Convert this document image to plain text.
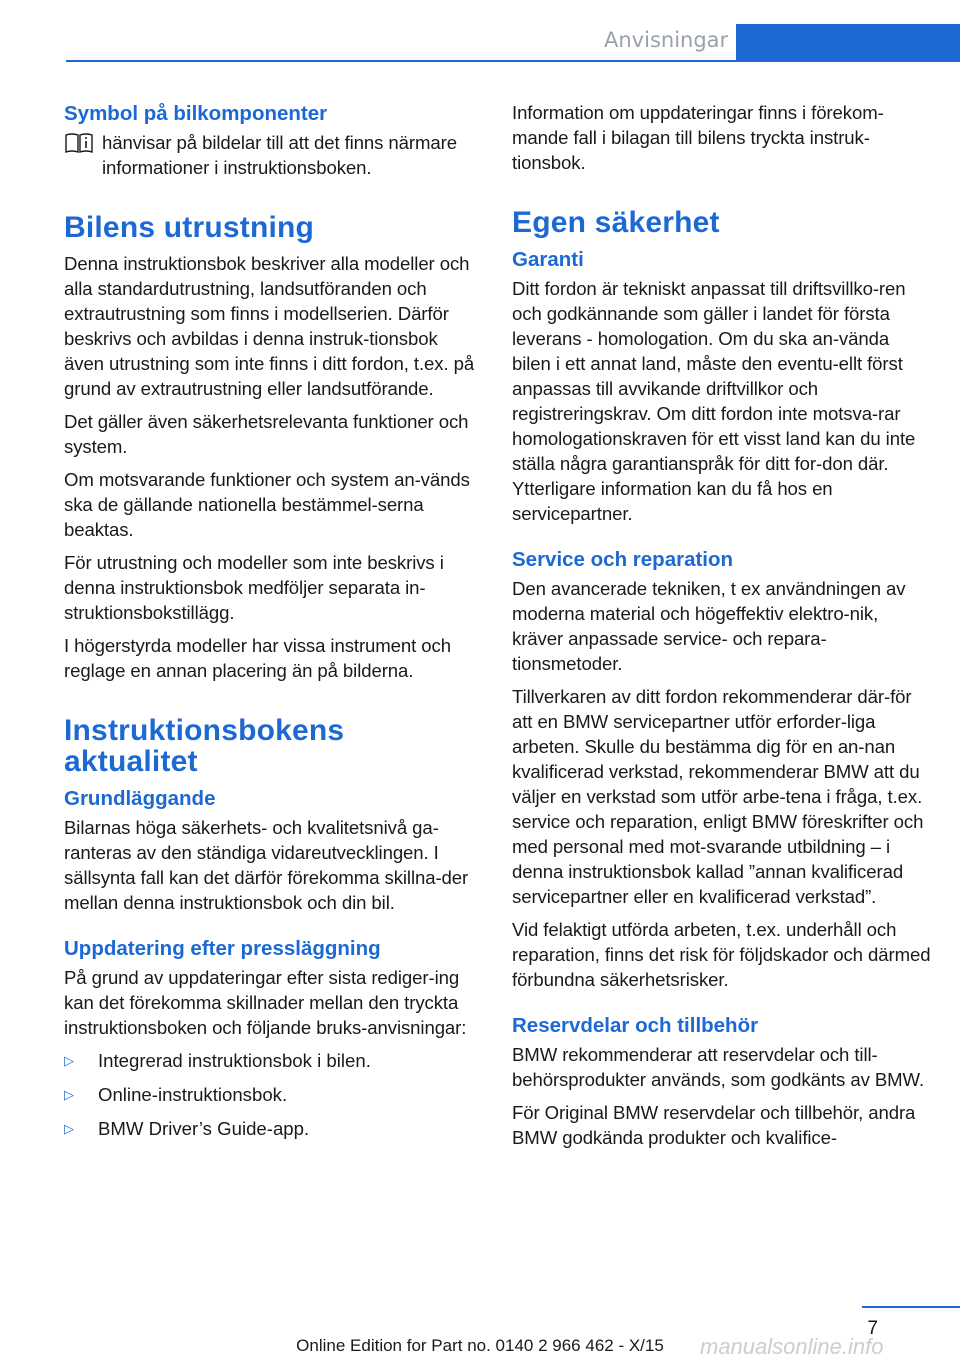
Anvisningar
Symbol på bilkomponenter

hänvisar på bildelar till att det finns närmare informationer i instruktionsboken.

Bilens utrustning

Denna instruktionsbok beskriver alla modeller och alla standardutrustning, landsutföranden och extrautrustning som finns i modellserien. Därför beskrivs och avbildas i denna instruk-tionsbok även utrustning som inte finns i ditt fordon, t.ex. på grund av extrautrustning eller landsutförande.

Det gäller även säkerhetsrelevanta funktioner och system.

Om motsvarande funktioner och system an-vänds ska de gällande nationella bestämmel-serna beaktas.

För utrustning och modeller som inte beskrivs i denna instruktionsbok medföljer separata in-struktionsbokstillägg.

I högerstyrda modeller har vissa instrument och reglage en annan placering än på bilderna.

Instruktionsbokens aktualitet
Grundläggande

Bilarnas höga säkerhets- och kvalitetsnivå ga-ranteras av den ständiga vidareutvecklingen. I sällsynta fall kan det därför förekomma skillna-der mellan denna instruktionsbok och din bil.

Uppdatering efter pressläggning

På grund av uppdateringar efter sista rediger-ing kan det förekomma skillnader mellan den tryckta instruktionsboken och följande bruks-anvisningar:

▷	Integrerad instruktionsbok i bilen.
▷	Online-instruktionsbok.
▷	BMW Driver’s Guide-app.

Information om uppdateringar finns i förekom-mande fall i bilagan till bilens tryckta instruk-tionsbok.

Egen säkerhet
Garanti

Ditt fordon är tekniskt anpassat till driftsvillko-ren och godkännande som gäller i landet för första leverans - homologation. Om du ska an-vända bilen i ett annat land, måste den eventu-ellt först anpassas till avvikande driftvillkor och registreringskrav. Om ditt fordon inte motsva-rar homologationskraven för ett visst land kan du inte ställa några garantianspråk för ditt for-don där. Ytterligare information kan du få hos en servicepartner.

Service och reparation

Den avancerade tekniken, t ex användningen av moderna material och högeffektiv elektro-nik, kräver anpassade service- och repara-tionsmetoder.

Tillverkaren av ditt fordon rekommenderar där-för att en BMW servicepartner utför erforder-liga arbeten. Skulle du bestämma dig för en an-nan kvalificerad verkstad, rekommenderar BMW att du väljer en verkstad som utför arbe-tena i fråga, t.ex. service och reparation, enligt BMW föreskrifter och med personal med mot-svarande utbildning – i denna instruktionsbok kallad ”annan kvalificerad servicepartner eller en kvalificerad verkstad”.

Vid felaktigt utförda arbeten, t.ex. underhåll och reparation, finns det risk för följdskador och därmed förbundna säkerhetsrisker.

Reservdelar och tillbehör

BMW rekommenderar att reservdelar och till-behörsprodukter används, som godkänts av BMW.

För Original BMW reservdelar och tillbehör, andra BMW godkända produkter och kvalifice-

7
Online Edition for Part no. 0140 2 966 462 - X/15	manualsonline.info
